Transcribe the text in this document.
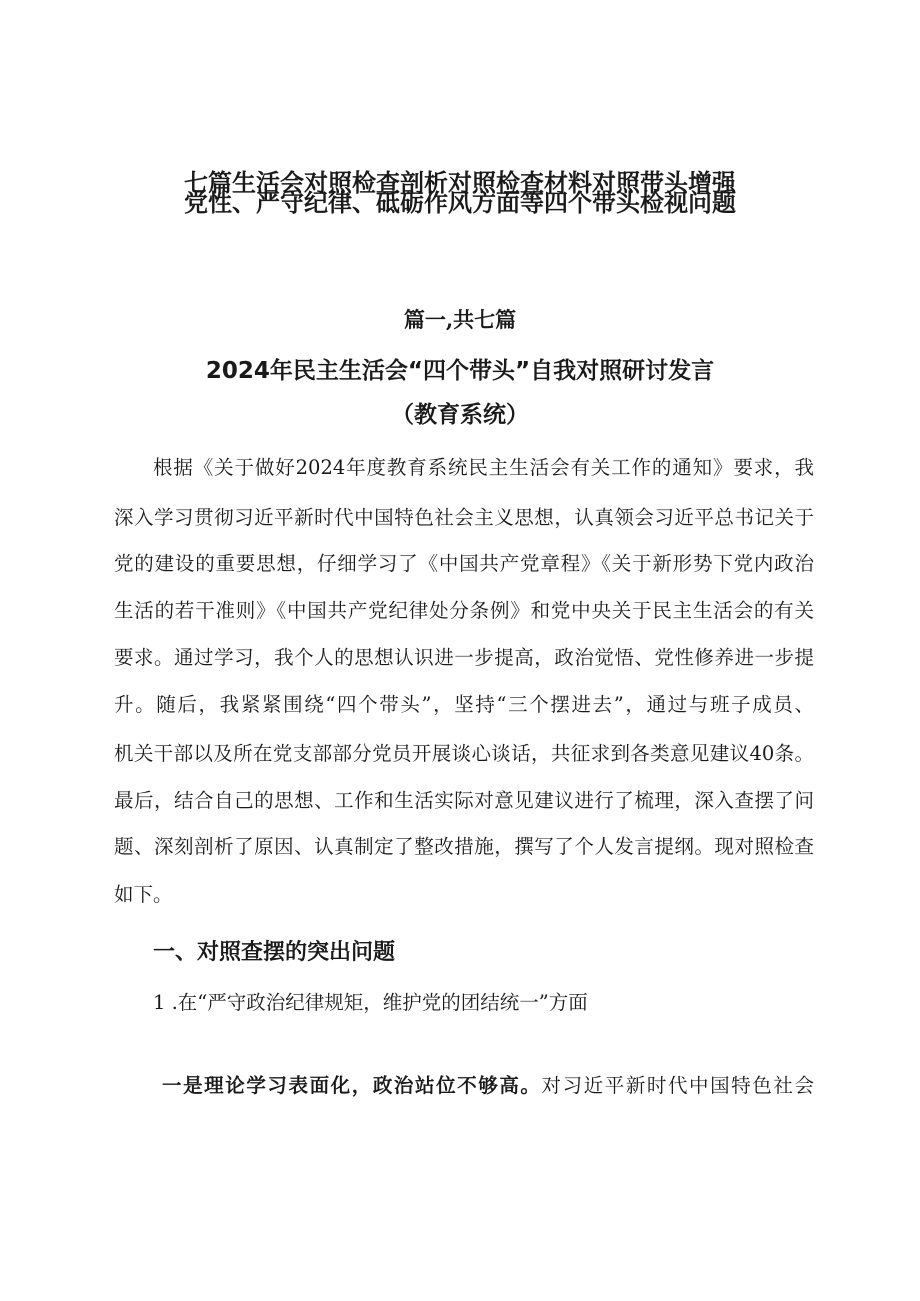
七篇生活会对照检查剖析对照检查材料对照带头增强
党性、严守纪律、砥砺作风方面等四个带头检视问题
篇一,共七篇
2024年民主生活会“四个带头”自我对照研讨发言
（教育系统）
根据《关于做好2024年度教育系统民主生活会有关工作的通知》要求，我
深入学习贯彻习近平新时代中国特色社会主义思想，认真领会习近平总书记关于
党的建设的重要思想，仔细学习了《中国共产党章程》《关于新形势下党内政治
生活的若干准则》《中国共产党纪律处分条例》和党中央关于民主生活会的有关
要求。通过学习，我个人的思想认识进一步提高，政治觉悟、党性修养进一步提
升。随后，我紧紧围绕“四个带头”，坚持“三个摆进去”，通过与班子成员、
机关干部以及所在党支部部分党员开展谈心谈话，共征求到各类意见建议40条。
最后，结合自己的思想、工作和生活实际对意见建议进行了梳理，深入查摆了问
题、深刻剖析了原因、认真制定了整改措施，撰写了个人发言提纲。现对照检查
如下。
一、对照查摆的突出问题
1 .在“严守政治纪律规矩，维护党的团结统一”方面
一是理论学习表面化，政治站位不够高。对习近平新时代中国特色社会
